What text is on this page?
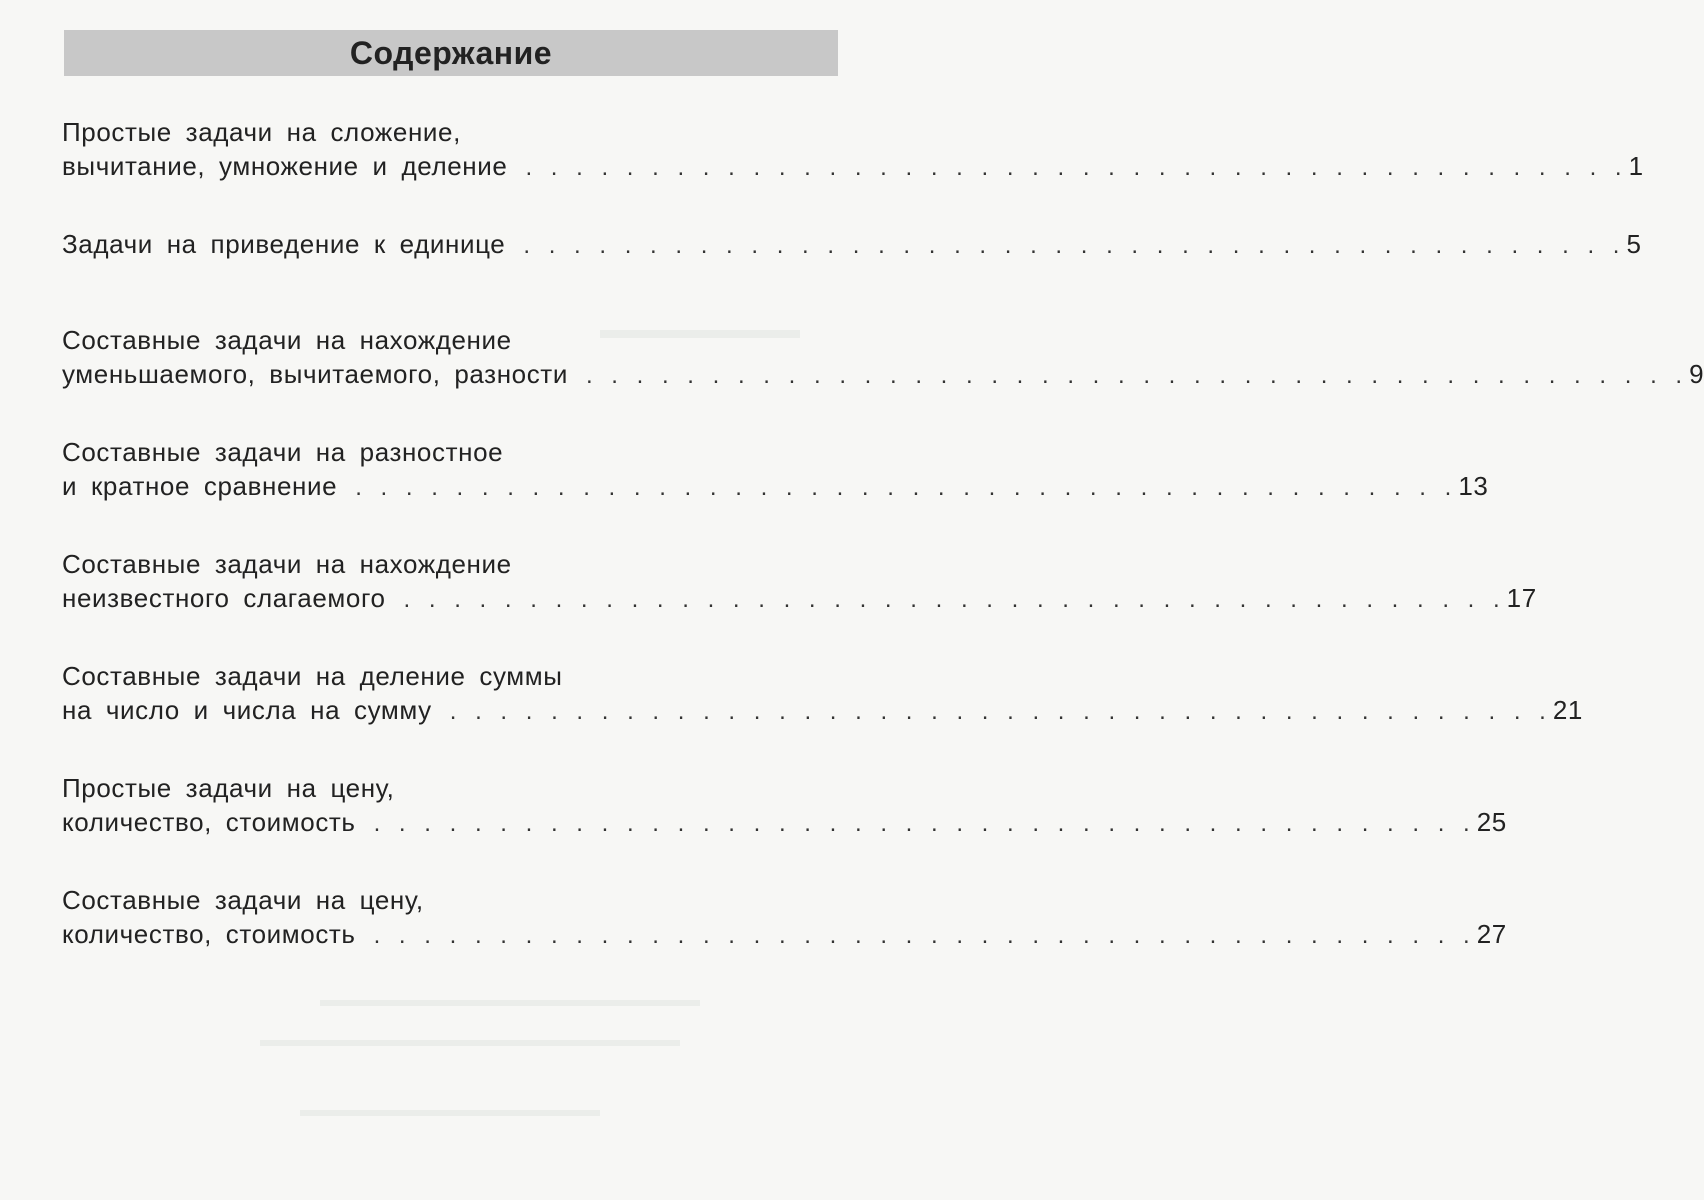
Содержание
Простые задачи на сложение,
вычитание, умножение и деление . . . . . . . . . . . . . . . . . . . . . . . . . . . . . . . . . . . . . . . . . . . . 1
Задачи на приведение к единице . . . . . . . . . . . . . . . . . . . . . . . . . . . . . . . . . . . . . . . . . . . . 5
Составные задачи на нахождение
уменьшаемого, вычитаемого, разности . . . . . . . . . . . . . . . . . . . . . . . . . . . . . . . . . . . . . . . . . . . . 9
Составные задачи на разностное
и кратное сравнение . . . . . . . . . . . . . . . . . . . . . . . . . . . . . . . . . . . . . . . . . . . . 13
Составные задачи на нахождение
неизвестного слагаемого . . . . . . . . . . . . . . . . . . . . . . . . . . . . . . . . . . . . . . . . . . . . 17
Составные задачи на деление суммы
на число и числа на сумму . . . . . . . . . . . . . . . . . . . . . . . . . . . . . . . . . . . . . . . . . . . . 21
Простые задачи на цену,
количество, стоимость . . . . . . . . . . . . . . . . . . . . . . . . . . . . . . . . . . . . . . . . . . . . 25
Составные задачи на цену,
количество, стоимость . . . . . . . . . . . . . . . . . . . . . . . . . . . . . . . . . . . . . . . . . . . . 27
